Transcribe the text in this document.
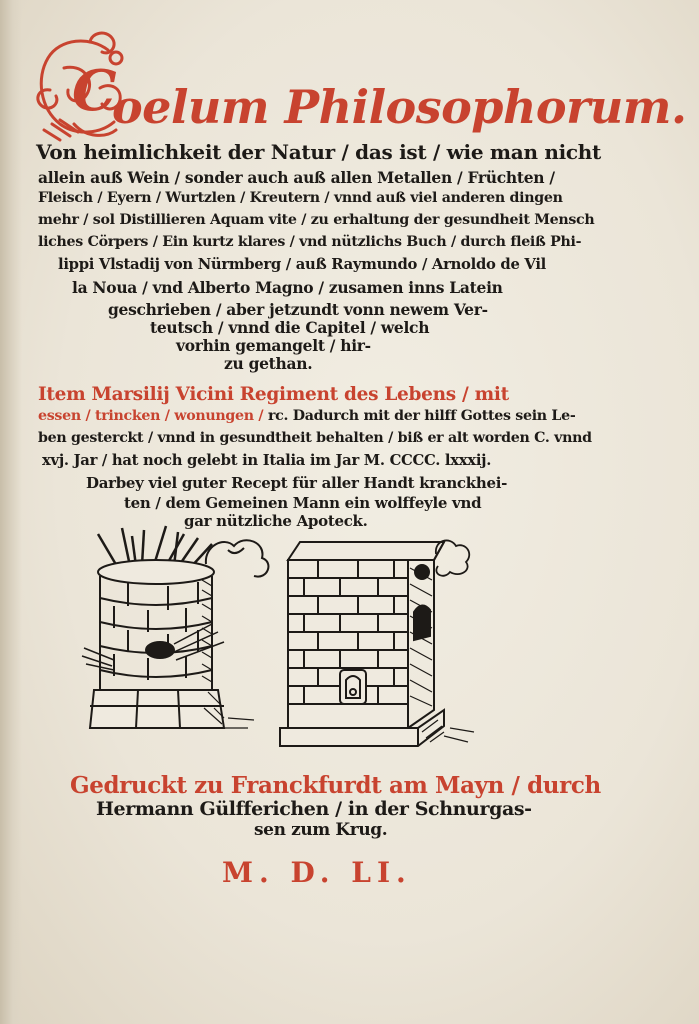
C
oelum Philosophorum.
Von heimlichkeit der Natur / das ist / wie man nicht
allein auß Wein / sonder auch auß allen Metallen / Früchten /
Fleisch / Eyern / Wurtzlen / Kreutern / vnnd auß viel anderen dingen
mehr / sol Distillieren Aquam vite / zu erhaltung der gesundheit Mensch
liches Cörpers / Ein kurtz klares / vnd nützlichs Buch / durch fleiß Phi-
lippi Vlstadij von Nürmberg / auß Raymundo / Arnoldo de Vil
la Noua / vnd Alberto Magno / zusamen inns Latein
geschrieben / aber jetzundt vonn newem Ver-
teutsch / vnnd die Capitel / welch
vorhin gemangelt / hir-
zu gethan.
Item Marsilij Vicini Regiment des Lebens / mit
essen / trincken / wonungen / rc. Dadurch mit der hilff Gottes sein Le-
ben gesterckt / vnnd in gesundtheit behalten / biß er alt worden C. vnnd
xvj. Jar / hat noch gelebt in Italia im Jar M. CCCC. lxxxij.
Darbey viel guter Recept für aller Handt kranckhei-
ten / dem Gemeinen Mann ein wolffeyle vnd
gar nützliche Apoteck.
Gedruckt zu Franckfurdt am Mayn / durch
Hermann Gülfferichen / in der Schnurgas-
sen zum Krug.
M. D. LI.
